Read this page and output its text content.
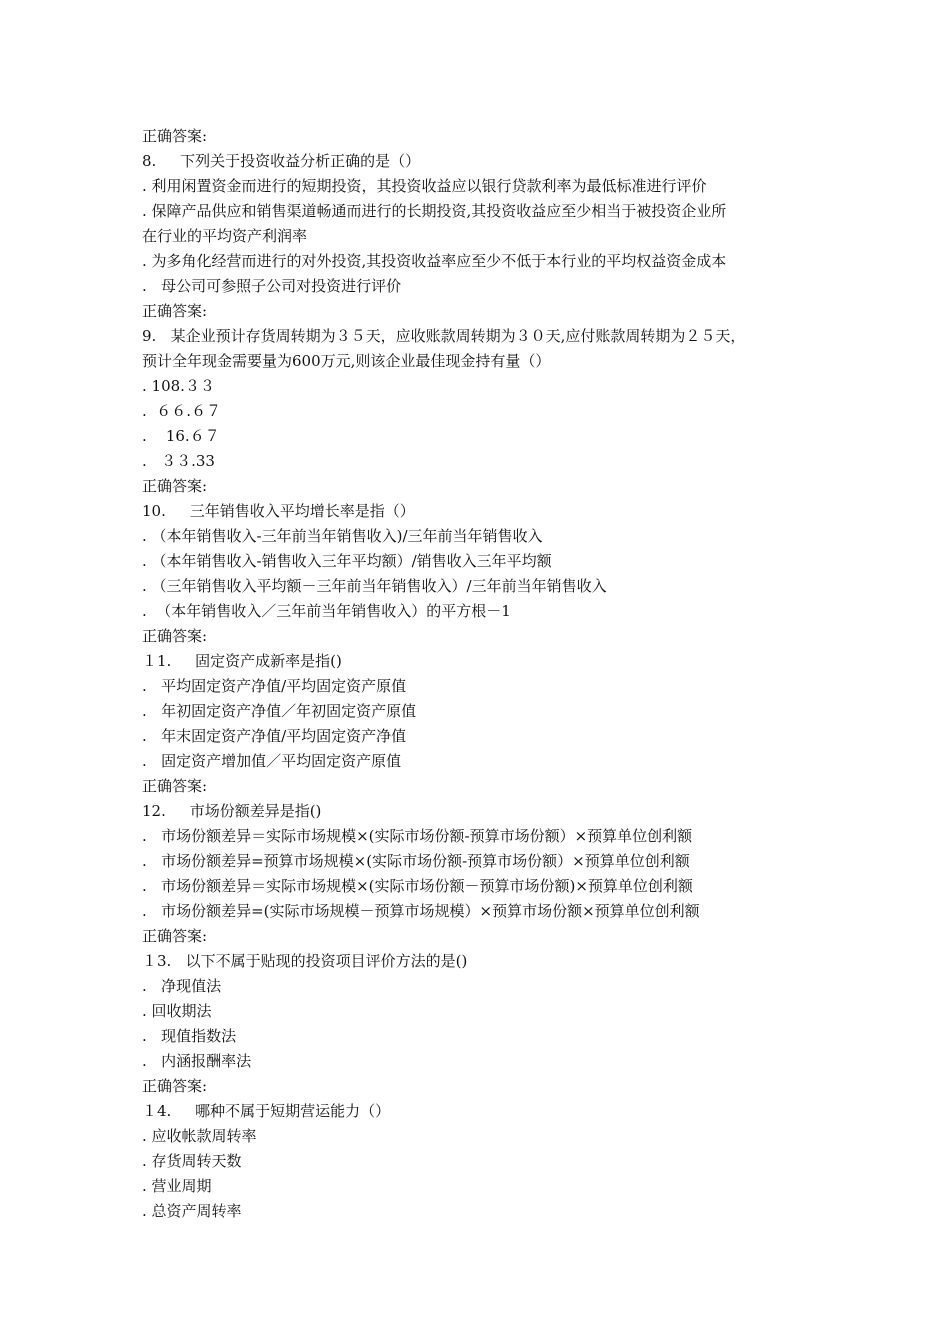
正确答案:
8.     下列关于投资收益分析正确的是（）
. 利用闲置资金而进行的短期投资，其投资收益应以银行贷款利率为最低标准进行评价
. 保障产品供应和销售渠道畅通而进行的长期投资,其投资收益应至少相当于被投资企业所
在行业的平均资产利润率
. 为多角化经营而进行的对外投资,其投资收益率应至少不低于本行业的平均权益资金成本
.   母公司可参照子公司对投资进行评价
正确答案:
9.   某企业预计存货周转期为３５天，应收账款周转期为３０天,应付账款周转期为２５天，
预计全年现金需要量为600万元,则该企业最佳现金持有量（）
. 108.３３
.  ６６.６７
.    16.６７
.   ３３.33
正确答案:
10.     三年销售收入平均增长率是指（）
. （本年销售收入-三年前当年销售收入)/三年前当年销售收入
. （本年销售收入-销售收入三年平均额）/销售收入三年平均额
. （三年销售收入平均额－三年前当年销售收入）/三年前当年销售收入
.  （本年销售收入／三年前当年销售收入）的平方根－1
正确答案:
１1.     固定资产成新率是指()
.   平均固定资产净值/平均固定资产原值
.   年初固定资产净值／年初固定资产原值
.   年末固定资产净值/平均固定资产净值
.   固定资产增加值／平均固定资产原值
正确答案:
12.     市场份额差异是指()
.   市场份额差异＝实际市场规模×(实际市场份额-预算市场份额）×预算单位创利额
.   市场份额差异=预算市场规模×(实际市场份额-预算市场份额）×预算单位创利额
.   市场份额差异＝实际市场规模×(实际市场份额－预算市场份额)×预算单位创利额
.   市场份额差异=(实际市场规模－预算市场规模）×预算市场份额×预算单位创利额
正确答案:
１3.   以下不属于贴现的投资项目评价方法的是()
.   净现值法
. 回收期法
.   现值指数法
.   内涵报酬率法
正确答案:
１4.     哪种不属于短期营运能力（）
. 应收帐款周转率
. 存货周转天数
. 营业周期
. 总资产周转率
